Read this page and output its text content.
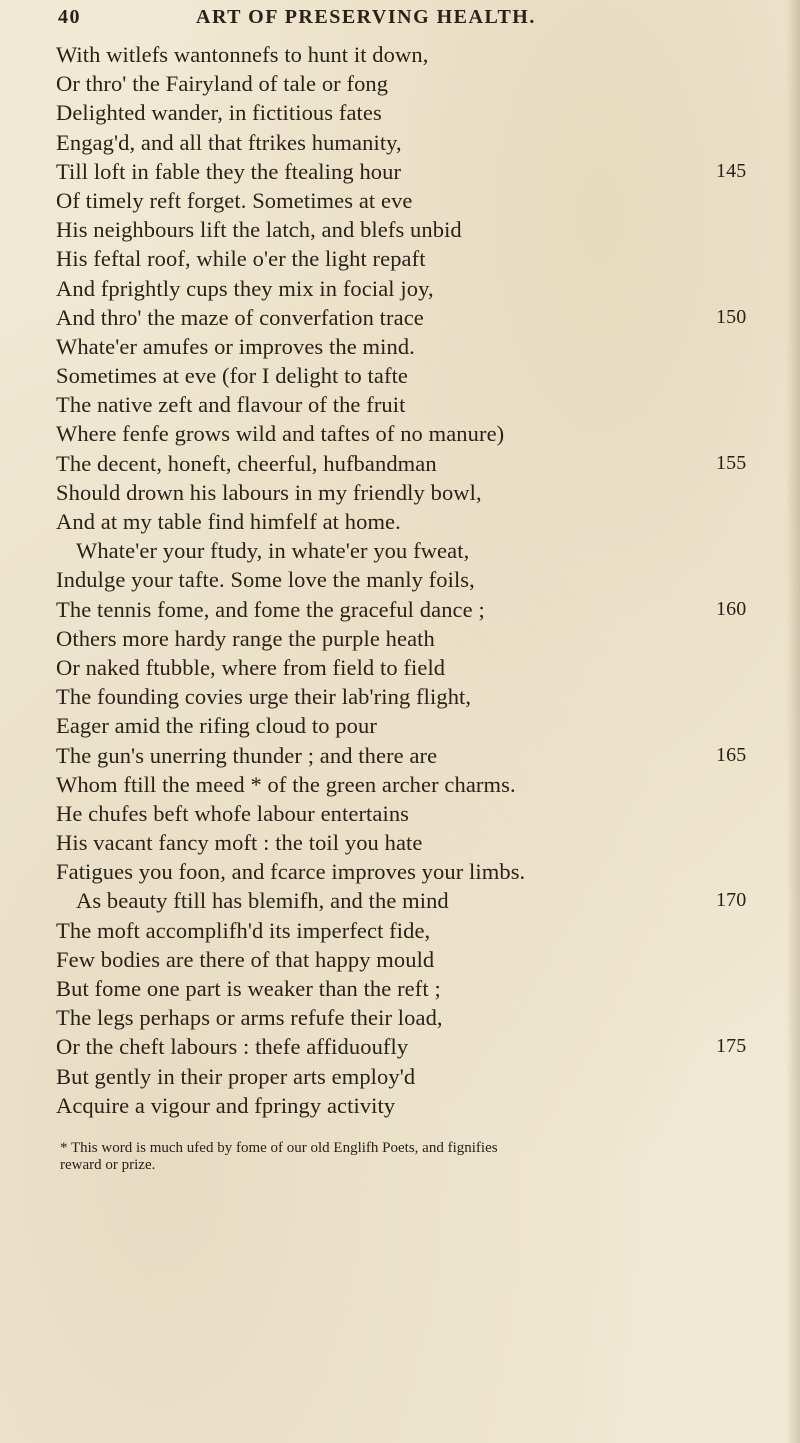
40	ART OF PRESERVING HEALTH.
With witlefs wantonnefs to hunt it down,
Or thro' the Fairyland of tale or fong
Delighted wander, in fictitious fates
Engag'd, and all that ftrikes humanity,
Till loft in fable they the ftealing hour	145
Of timely reft forget. Sometimes at eve
His neighbours lift the latch, and blefs unbid
His feftal roof, while o'er the light repaft
And fprightly cups they mix in focial joy,
And thro' the maze of converfation trace	150
Whate'er amufes or improves the mind.
Sometimes at eve (for I delight to tafte
The native zeft and flavour of the fruit
Where fenfe grows wild and taftes of no manure)
The decent, honeft, cheerful, hufbandman	155
Should drown his labours in my friendly bowl,
And at my table find himfelf at home.
Whate'er your ftudy, in whate'er you fweat,
Indulge your tafte. Some love the manly foils,
The tennis fome, and fome the graceful dance ;	160
Others more hardy range the purple heath
Or naked ftubble, where from field to field
The founding covies urge their lab'ring flight,
Eager amid the rifing cloud to pour
The gun's unerring thunder ; and there are	165
Whom ftill the meed * of the green archer charms.
He chufes beft whofe labour entertains
His vacant fancy moft : the toil you hate
Fatigues you foon, and fcarce improves your limbs.
As beauty ftill has blemifh, and the mind	170
The moft accomplifh'd its imperfect fide,
Few bodies are there of that happy mould
But fome one part is weaker than the reft ;
The legs perhaps or arms refufe their load,
Or the cheft labours : thefe affiduoufly	175
But gently in their proper arts employ'd
Acquire a vigour and fpringy activity
* This word is much ufed by fome of our old Englifh Poets, and fignifies
reward or prize.
